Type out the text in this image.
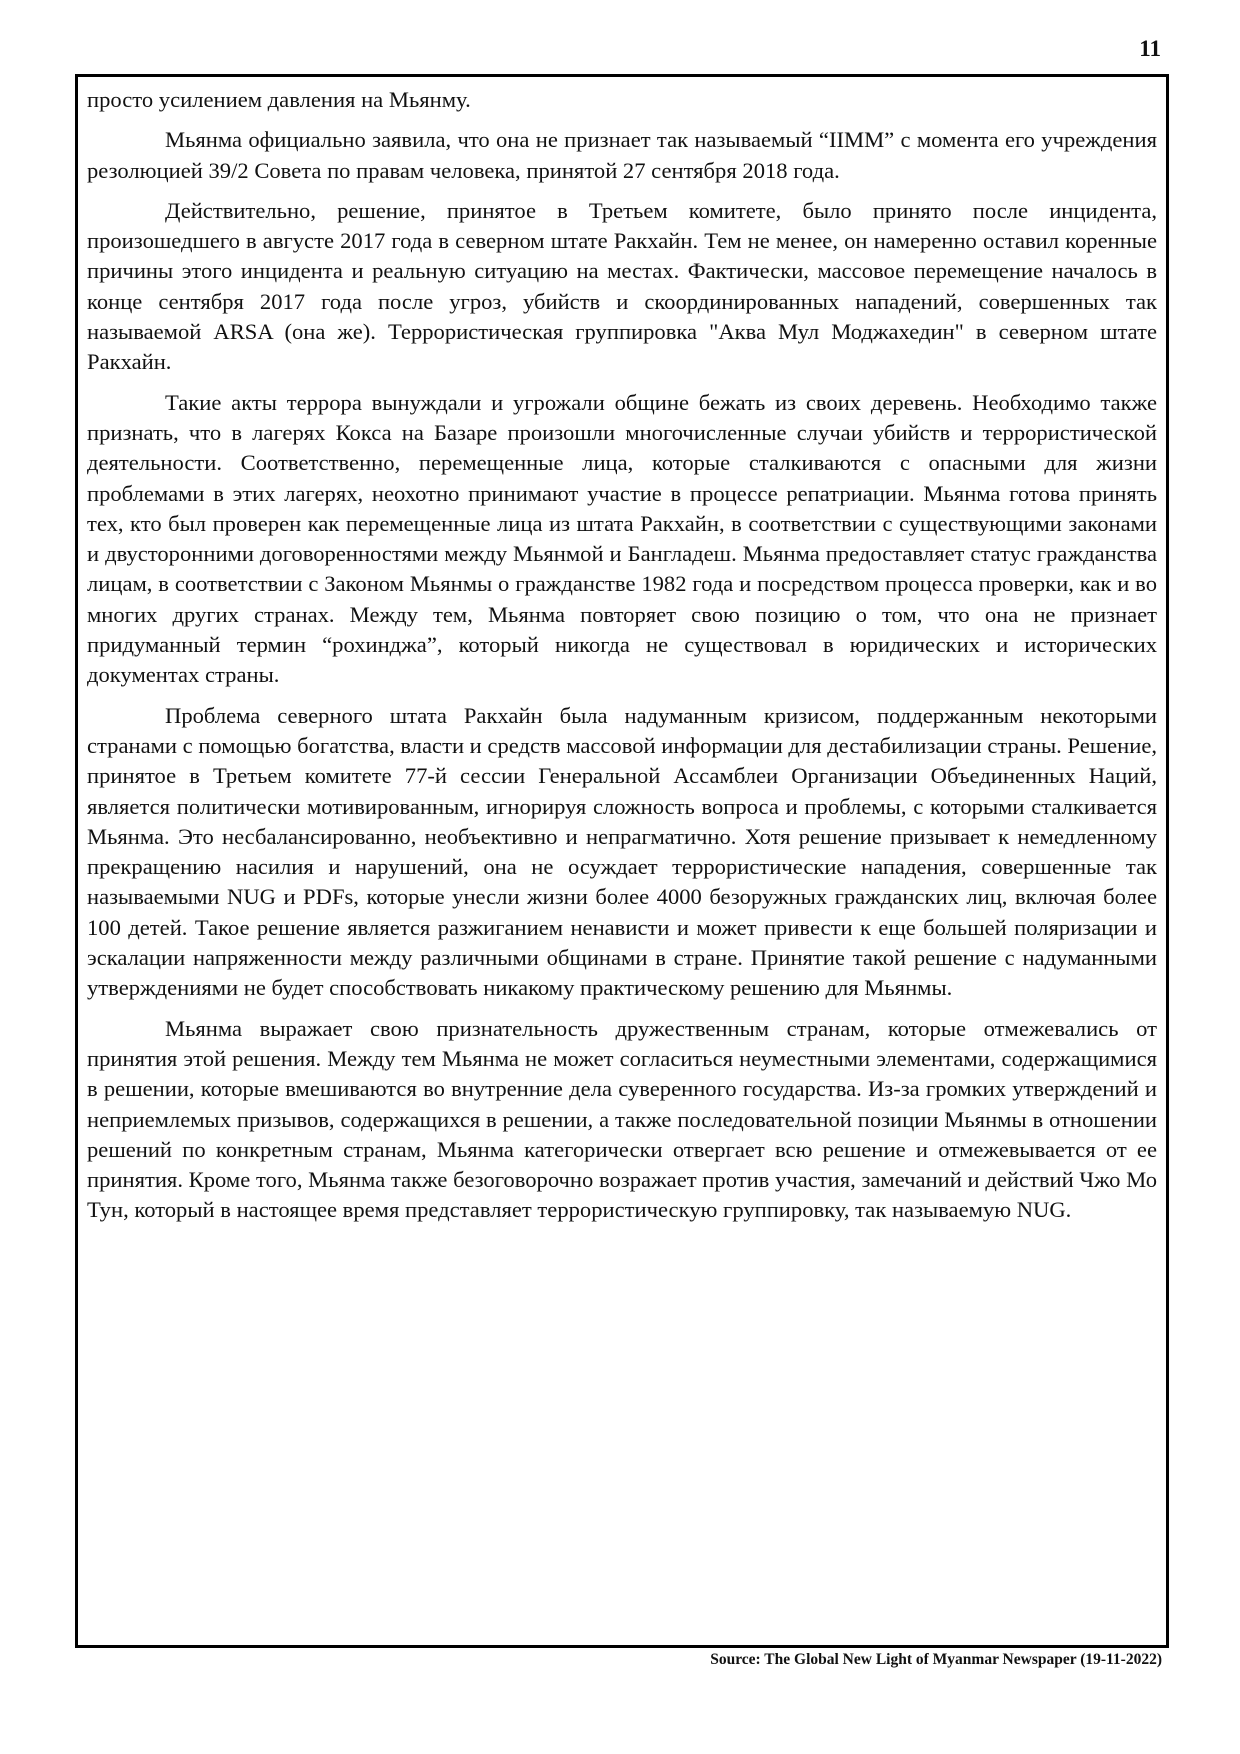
11

просто усилением давления на Мьянму.

Мьянма официально заявила, что она не признает так называемый “IIMM” с момента его учреждения резолюцией 39/2 Совета по правам человека, принятой 27 сентября 2018 года.

Действительно, решение, принятое в Третьем комитете, было принято после инцидента, произошедшего в августе 2017 года в северном штате Ракхайн. Тем не менее, он намеренно оставил коренные причины этого инцидента и реальную ситуацию на местах. Фактически, массовое перемещение началось в конце сентября 2017 года после угроз, убийств и скоординированных нападений, совершенных так называемой ARSA (она же). Террористическая группировка "Аква Мул Моджахедин" в северном штате Ракхайн.

Такие акты террора вынуждали и угрожали общине бежать из своих деревень. Необходимо также признать, что в лагерях Кокса на Базаре произошли многочисленные случаи убийств и террористической деятельности. Соответственно, перемещенные лица, которые сталкиваются с опасными для жизни проблемами в этих лагерях, неохотно принимают участие в процессе репатриации. Мьянма готова принять тех, кто был проверен как перемещенные лица из штата Ракхайн, в соответствии с существующими законами и двусторонними договоренностями между Мьянмой и Бангладеш. Мьянма предоставляет статус гражданства лицам, в соответствии с Законом Мьянмы о гражданстве 1982 года и посредством процесса проверки, как и во многих других странах. Между тем, Мьянма повторяет свою позицию о том, что она не признает придуманный термин “рохинджа”, который никогда не существовал в юридических и исторических документах страны.

Проблема северного штата Ракхайн была надуманным кризисом, поддержанным некоторыми странами с помощью богатства, власти и средств массовой информации для дестабилизации страны. Решение, принятое в Третьем комитете 77-й сессии Генеральной Ассамблеи Организации Объединенных Наций, является политически мотивированным, игнорируя сложность вопроса и проблемы, с которыми сталкивается Мьянма. Это несбалансированно, необъективно и непрагматично. Хотя решение призывает к немедленному прекращению насилия и нарушений, она не осуждает террористические нападения, совершенные так называемыми NUG и PDFs, которые унесли жизни более 4000 безоружных гражданских лиц, включая более 100 детей. Такое решение является разжиганием ненависти и может привести к еще большей поляризации и эскалации напряженности между различными общинами в стране. Принятие такой решение с надуманными утверждениями не будет способствовать никакому практическому решению для Мьянмы.

Мьянма выражает свою признательность дружественным странам, которые отмежевались от принятия этой решения. Между тем Мьянма не может согласиться неуместными элементами, содержащимися в решении, которые вмешиваются во внутренние дела суверенного государства. Из-за громких утверждений и неприемлемых призывов, содержащихся в решении, а также последовательной позиции Мьянмы в отношении решений по конкретным странам, Мьянма категорически отвергает всю решение и отмежевывается от ее принятия. Кроме того, Мьянма также безоговорочно возражает против участия, замечаний и действий Чжо Мо Тун, который в настоящее время представляет террористическую группировку, так называемую NUG.

Source: The Global New Light of Myanmar Newspaper (19-11-2022)
